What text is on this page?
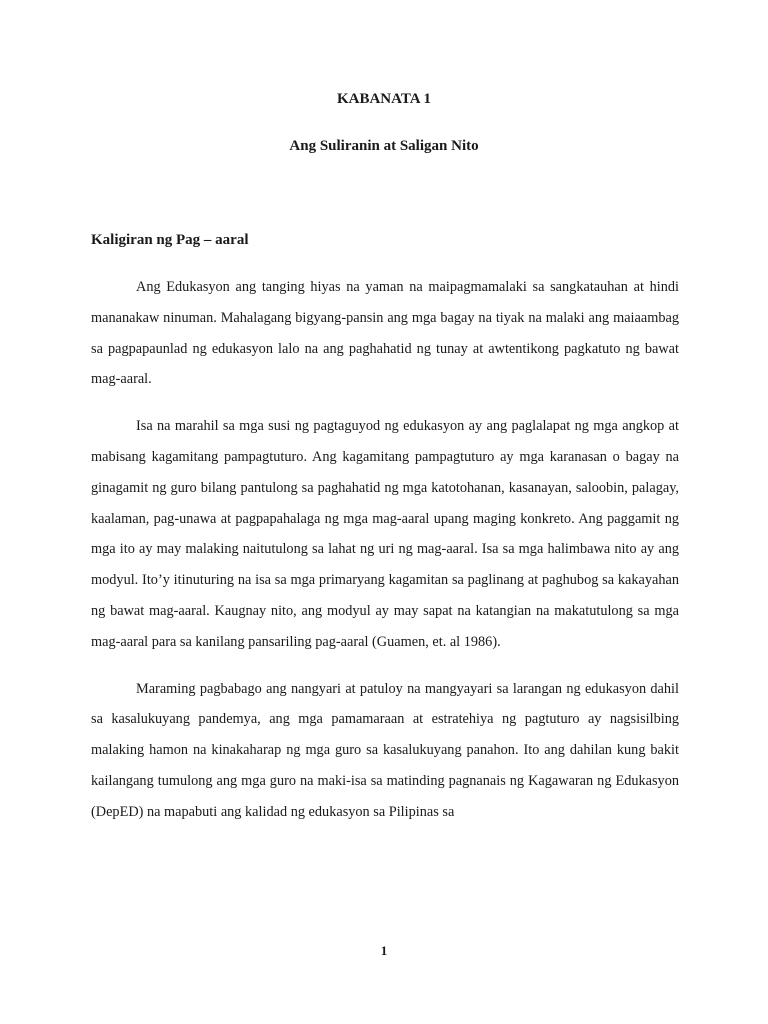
KABANATA 1
Ang Suliranin at Saligan Nito
Kaligiran ng Pag – aaral

Ang Edukasyon ang tanging hiyas na yaman na maipagmamalaki sa sangkatauhan at hindi mananakaw ninuman. Mahalagang bigyang-pansin ang mga bagay na tiyak na malaki ang maiaambag sa pagpapaunlad ng edukasyon lalo na ang paghahatid ng tunay at awtentikong pagkatuto ng bawat mag-aaral.

Isa na marahil sa mga susi ng pagtaguyod ng edukasyon ay ang paglalapat ng mga angkop at mabisang kagamitang pampagtuturo. Ang kagamitang pampagtuturo ay mga karanasan o bagay na ginagamit ng guro bilang pantulong sa paghahatid ng mga katotohanan, kasanayan, saloobin, palagay, kaalaman, pag-unawa at pagpapahalaga ng mga mag-aaral upang maging konkreto. Ang paggamit ng mga ito ay may malaking naitutulong sa lahat ng uri ng mag-aaral. Isa sa mga halimbawa nito ay ang modyul. Ito’y itinuturing na isa sa mga primaryang kagamitan sa paglinang at paghubog sa kakayahan ng bawat mag-aaral. Kaugnay nito, ang modyul ay may sapat na katangian na makatutulong sa mga mag-aaral para sa kanilang pansariling pag-aaral (Guamen, et. al 1986).

Maraming pagbabago ang nangyari at patuloy na mangyayari sa larangan ng edukasyon dahil sa kasalukuyang pandemya, ang mga pamamaraan at estratehiya ng pagtuturo ay nagsisilbing malaking hamon na kinakaharap ng mga guro sa kasalukuyang panahon. Ito ang dahilan kung bakit kailangang tumulong ang mga guro na maki-isa sa matinding pagnanais ng Kagawaran ng Edukasyon (DepED) na mapabuti ang kalidad ng edukasyon sa Pilipinas sa

1
